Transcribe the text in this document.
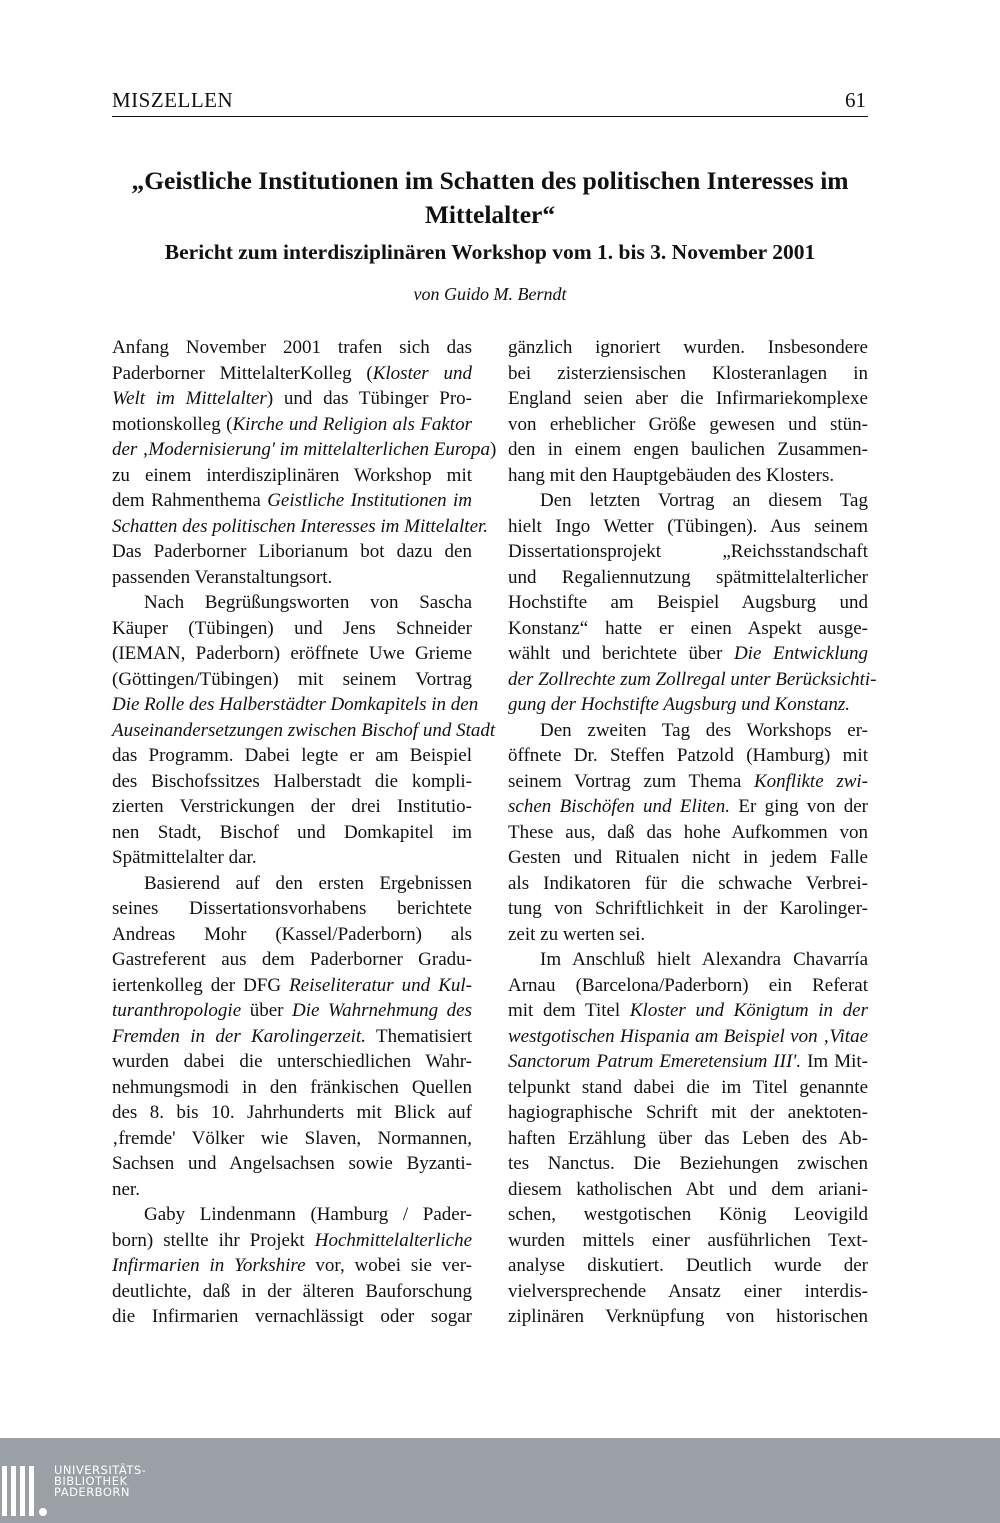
MISZELLEN	61
„Geistliche Institutionen im Schatten des politischen Interesses im
Mittelalter“
Bericht zum interdisziplinären Workshop vom 1. bis 3. November 2001
von Guido M. Berndt
Anfang November 2001 trafen sich das
Paderborner MittelalterKolleg (Kloster und
Welt im Mittelalter) und das Tübinger Pro-
motionskolleg (Kirche und Religion als Faktor
der ‚Modernisierung' im mittelalterlichen Europa)
zu einem interdisziplinären Workshop mit
dem Rahmenthema Geistliche Institutionen im
Schatten des politischen Interesses im Mittelalter.
Das Paderborner Liborianum bot dazu den
passenden Veranstaltungsort.
Nach Begrüßungsworten von Sascha
Käuper (Tübingen) und Jens Schneider
(IEMAN, Paderborn) eröffnete Uwe Grieme
(Göttingen/Tübingen) mit seinem Vortrag
Die Rolle des Halberstädter Domkapitels in den
Auseinandersetzungen zwischen Bischof und Stadt
das Programm. Dabei legte er am Beispiel
des Bischofssitzes Halberstadt die kompli-
zierten Verstrickungen der drei Institutio-
nen Stadt, Bischof und Domkapitel im
Spätmittelalter dar.
Basierend auf den ersten Ergebnissen
seines Dissertationsvorhabens berichtete
Andreas Mohr (Kassel/Paderborn) als
Gastreferent aus dem Paderborner Gradu-
iertenkolleg der DFG Reiseliteratur und Kul-
turanthropologie über Die Wahrnehmung des
Fremden in der Karolingerzeit. Thematisiert
wurden dabei die unterschiedlichen Wahr-
nehmungsmodi in den fränkischen Quellen
des 8. bis 10. Jahrhunderts mit Blick auf
‚fremde' Völker wie Slaven, Normannen,
Sachsen und Angelsachsen sowie Byzanti-
ner.
Gaby Lindenmann (Hamburg / Pader-
born) stellte ihr Projekt Hochmittelalterliche
Infirmarien in Yorkshire vor, wobei sie ver-
deutlichte, daß in der älteren Bauforschung
die Infirmarien vernachlässigt oder sogar
gänzlich ignoriert wurden. Insbesondere
bei zisterziensischen Klosteranlagen in
England seien aber die Infirmariekomplexe
von erheblicher Größe gewesen und stün-
den in einem engen baulichen Zusammen-
hang mit den Hauptgebäuden des Klosters.
Den letzten Vortrag an diesem Tag
hielt Ingo Wetter (Tübingen). Aus seinem
Dissertationsprojekt „Reichsstandschaft
und Regaliennutzung spätmittelalterlicher
Hochstifte am Beispiel Augsburg und
Konstanz“ hatte er einen Aspekt ausge-
wählt und berichtete über Die Entwicklung
der Zollrechte zum Zollregal unter Berücksichti-
gung der Hochstifte Augsburg und Konstanz.
Den zweiten Tag des Workshops er-
öffnete Dr. Steffen Patzold (Hamburg) mit
seinem Vortrag zum Thema Konflikte zwi-
schen Bischöfen und Eliten. Er ging von der
These aus, daß das hohe Aufkommen von
Gesten und Ritualen nicht in jedem Falle
als Indikatoren für die schwache Verbrei-
tung von Schriftlichkeit in der Karolinger-
zeit zu werten sei.
Im Anschluß hielt Alexandra Chavarría
Arnau (Barcelona/Paderborn) ein Referat
mit dem Titel Kloster und Königtum in der
westgotischen Hispania am Beispiel von ‚Vitae
Sanctorum Patrum Emeretensium III'. Im Mit-
telpunkt stand dabei die im Titel genannte
hagiographische Schrift mit der anektoten-
haften Erzählung über das Leben des Ab-
tes Nanctus. Die Beziehungen zwischen
diesem katholischen Abt und dem ariani-
schen, westgotischen König Leovigild
wurden mittels einer ausführlichen Text-
analyse diskutiert. Deutlich wurde der
vielversprechende Ansatz einer interdis-
ziplinären Verknüpfung von historischen
UNIVERSITÄTS-
BIBLIOTHEK
PADERBORN
